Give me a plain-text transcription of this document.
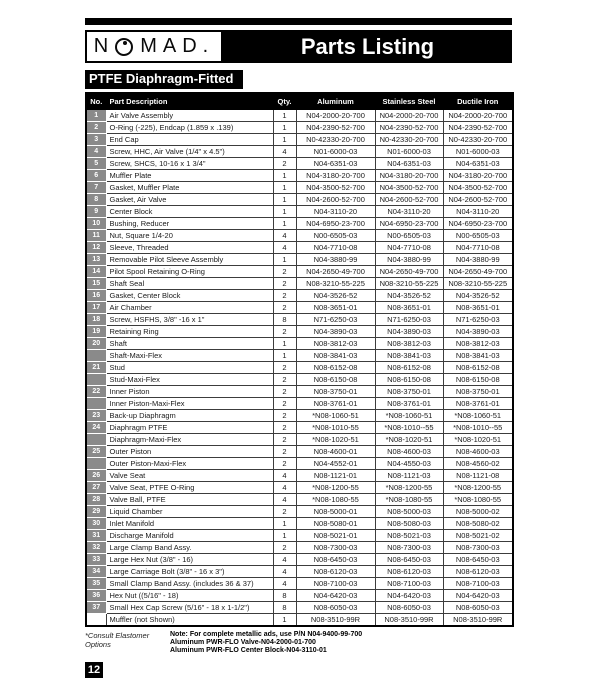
N MAD.	Parts Listing
PTFE Diaphragm-Fitted
No.	Part Description	Qty.	Aluminum	Stainless Steel	Ductile Iron
1	Air Valve Assembly	1	N04-2000-20-700	N04-2000-20-700	N04-2000-20-700
2	O-Ring (-225), Endcap (1.859 x .139)	1	N04-2390-52-700	N04-2390-52-700	N04-2390-52-700
3	End Cap	1	N0-42330-20-700	N0-42330-20-700	N0-42330-20-700
4	Screw, HHC, Air Valve (1/4" x 4.5")	4	N01-6000-03	N01-6000-03	N01-6000-03
5	Screw, SHCS, 10-16 x 1 3/4"	2	N04-6351-03	N04-6351-03	N04-6351-03
6	Muffler Plate	1	N04-3180-20-700	N04-3180-20-700	N04-3180-20-700
7	Gasket, Muffler Plate	1	N04-3500-52-700	N04-3500-52-700	N04-3500-52-700
8	Gasket, Air Valve	1	N04-2600-52-700	N04-2600-52-700	N04-2600-52-700
9	Center Block	1	N04-3110-20	N04-3110-20	N04-3110-20
10	Bushing, Reducer	1	N04-6950-23-700	N04-6950-23-700	N04-6950-23-700
11	Nut, Square 1/4-20	4	N00-6505-03	N00-6505-03	N00-6505-03
12	Sleeve, Threaded	4	N04-7710-08	N04-7710-08	N04-7710-08
13	Removable Pilot Sleeve Assembly	1	N04-3880-99	N04-3880-99	N04-3880-99
14	Pilot Spool Retaining O-Ring	2	N04-2650-49-700	N04-2650-49-700	N04-2650-49-700
15	Shaft Seal	2	N08-3210-55-225	N08-3210-55-225	N08-3210-55-225
16	Gasket, Center Block	2	N04-3526-52	N04-3526-52	N04-3526-52
17	Air Chamber	2	N08-3651-01	N08-3651-01	N08-3651-01
18	Screw, HSFHS, 3/8" -16 x 1"	8	N71-6250-03	N71-6250-03	N71-6250-03
19	Retaining Ring	2	N04-3890-03	N04-3890-03	N04-3890-03
20	Shaft	1	N08-3812-03	N08-3812-03	N08-3812-03
	Shaft-Maxi-Flex	1	N08-3841-03	N08-3841-03	N08-3841-03
21	Stud	2	N08-6152-08	N08-6152-08	N08-6152-08
	Stud-Maxi-Flex	2	N08-6150-08	N08-6150-08	N08-6150-08
22	Inner Piston	2	N08-3750-01	N08-3750-01	N08-3750-01
	Inner Piston-Maxi-Flex	2	N08-3761-01	N08-3761-01	N08-3761-01
23	Back-up Diaphragm	2	*N08-1060-51	*N08-1060-51	*N08-1060-51
24	Diaphragm PTFE	2	*N08-1010-55	*N08-1010--55	*N08-1010--55
	Diaphragm-Maxi-Flex	2	*N08-1020-51	*N08-1020-51	*N08-1020-51
25	Outer Piston	2	N08-4600-01	N08-4600-03	N08-4600-03
	Outer Piston-Maxi-Flex	2	N04-4552-01	N04-4550-03	N08-4560-02
26	Valve Seat	4	N08-1121-01	N08-1121-03	N08-1121-08
27	Valve Seat, PTFE O-Ring	4	*N08-1200-55	*N08-1200-55	*N08-1200-55
28	Valve Ball, PTFE	4	*N08-1080-55	*N08-1080-55	*N08-1080-55
29	Liquid Chamber	2	N08-5000-01	N08-5000-03	N08-5000-02
30	Inlet Manifold	1	N08-5080-01	N08-5080-03	N08-5080-02
31	Discharge Manifold	1	N08-5021-01	N08-5021-03	N08-5021-02
32	Large Clamp Band Assy.	2	N08-7300-03	N08-7300-03	N08-7300-03
33	Large Hex Nut (3/8" - 16)	4	N08-6450-03	N08-6450-03	N08-6450-03
34	Large Carriage Bolt (3/8" - 16 x 3")	4	N08-6120-03	N08-6120-03	N08-6120-03
35	Small Clamp Band Assy. (includes 36 & 37)	4	N08-7100-03	N08-7100-03	N08-7100-03
36	Hex Nut ((5/16" - 18)	8	N04-6420-03	N04-6420-03	N04-6420-03
37	Small Hex Cap Screw (5/16" - 18 x 1-1/2")	8	N08-6050-03	N08-6050-03	N08-6050-03
	Muffler (not Shown)	1	N08-3510-99R	N08-3510-99R	N08-3510-99R
*Consult Elastomer Options
Note: For complete metallic ads, use P/N N04-9400-99-700
Aluminum PWR-FLO Valve-N04-2000-01-700
Aluminum PWR-FLO Center Block-N04-3110-01
12
